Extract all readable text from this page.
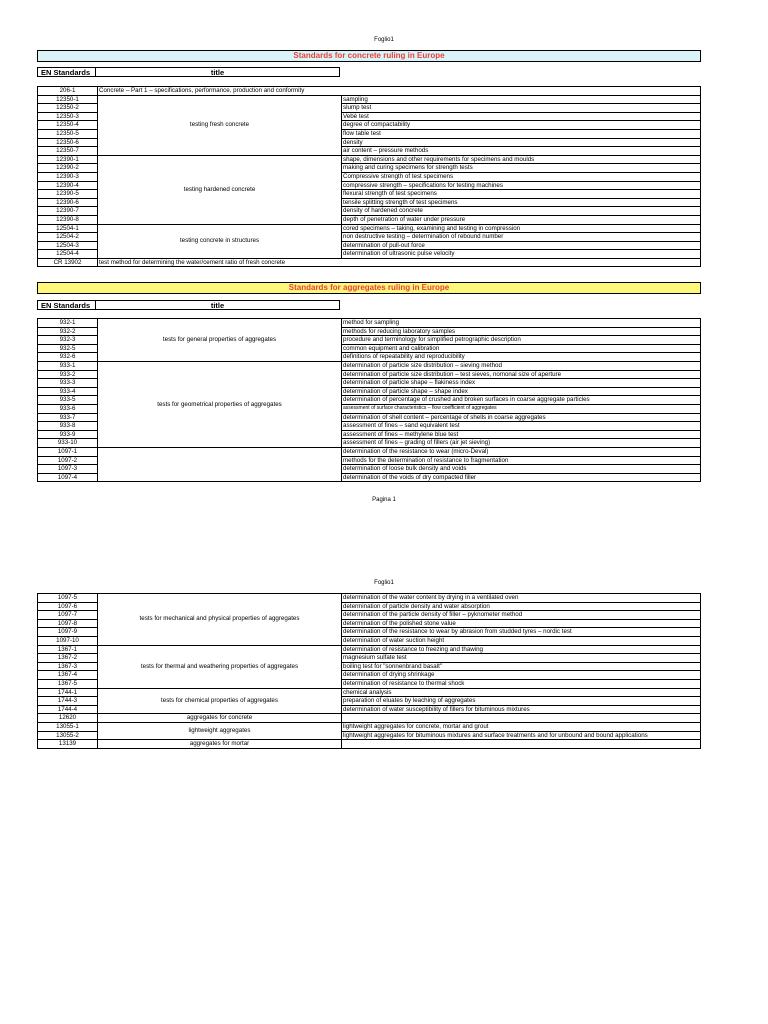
Foglio1
Standards for concrete ruling in Europe
EN Standards	title
206-1	Concrete – Part 1 – specifications, performance, production and conformity	
12350-1	testing fresh concrete	sampling
12350-2		slump test
12350-3		Vebè test
12350-4		degree of compactability
12350-5		flow table test
12350-6		density
12350-7		air content – pressure methods
12390-1	testing hardened concrete	shape, dimensions and other requirements for specimens and moulds
12390-2		making and curing specimens for strength tests
12390-3		Compressive strength of test specimens
12390-4		compressive strength – specifications for testing machines
12390-5		flexural strength of test specimens
12390-6		tensile splitting strength of test specimens
12390-7		density of hardened concrete
12390-8		depth of penetration of water under pressure
12504-1	testing concrete in structures	cored specimens – taking, examining and testing in compression
12504-2		non destructive testing – determination of rebound number
12504-3		determination of pull-out force
12504-4		determination of ultrasonic pulse velocity
CR 13902	test method for determining the water/cement ratio of fresh concrete	
Standards for aggregates ruling in Europe
EN Standards	title
932-1	tests for general properties of aggregates	method for sampling
932-2		methods for reducing laboratory samples
932-3		procedure and terminology for simplified petrographic description
932-5		common equipment and calibration
932-6		definitions of repeatability and reproducibility
933-1	tests for geometrical properties of aggregates	determination of particle size distribution – sieving method
933-2		determination of particle size distribution – test sieves, nomonal size of aperture
933-3		determination of particle shape – flakiness index
933-4		determination of particle shape – shape index
933-5		determination of percentage of crushed and broken surfaces in coarse aggregate particles
933-6		assessment of surface characteristics – flow coefficient of aggregates
933-7		determination of shell content – percentage of shells in coarse aggregates
933-8		assessment of fines – sand equivalent test
933-9		assessment of fines – methylene blue test
933-10		assessment of fines – grading of fillers (air jet sieving)
1097-1		determination of the resistance to wear (micro-Deval)
1097-2		methods for the determination of resistance to fragmentation
1097-3		determination of loose bulk density and voids
1097-4		determination of the voids of dry compacted filler
Pagina 1
Foglio1
1097-5	tests for mechanical and physical properties of aggregates	determination of the water content by drying in a ventilated oven
1097-6		determination of particle density and water absorption
1097-7		determination of the particle density of filler – pyknometer method
1097-8		determination of the polished stone value
1097-9		determination of the resistance to wear by abrasion from studded tyres – nordic test
1097-10		determination of water suction height
1367-1	tests for thermal and weathering properties of aggregates	determination of resistance to freezing and thawing
1367-2		magnesium sulfate test
1367-3		boiling test for "sonnenbrand basalt"
1367-4		determination of drying shrinkage
1367-5		determination of resistance to thermal shock
1744-1	tests for chemical properties of aggregates	chemical analysis
1744-3		preparation of eluates by leaching of aggregates
1744-4		determination of water susceptibility of fillers for bituminous mixtures
12620	aggregates for concrete	
13055-1	lightweight aggregates	lightweight aggregates for concrete, mortar and grout
13055-2		lightweight aggregates for bituminous mixtures and surface treatments and for unbound and bound applications
13139	aggregates for mortar	
